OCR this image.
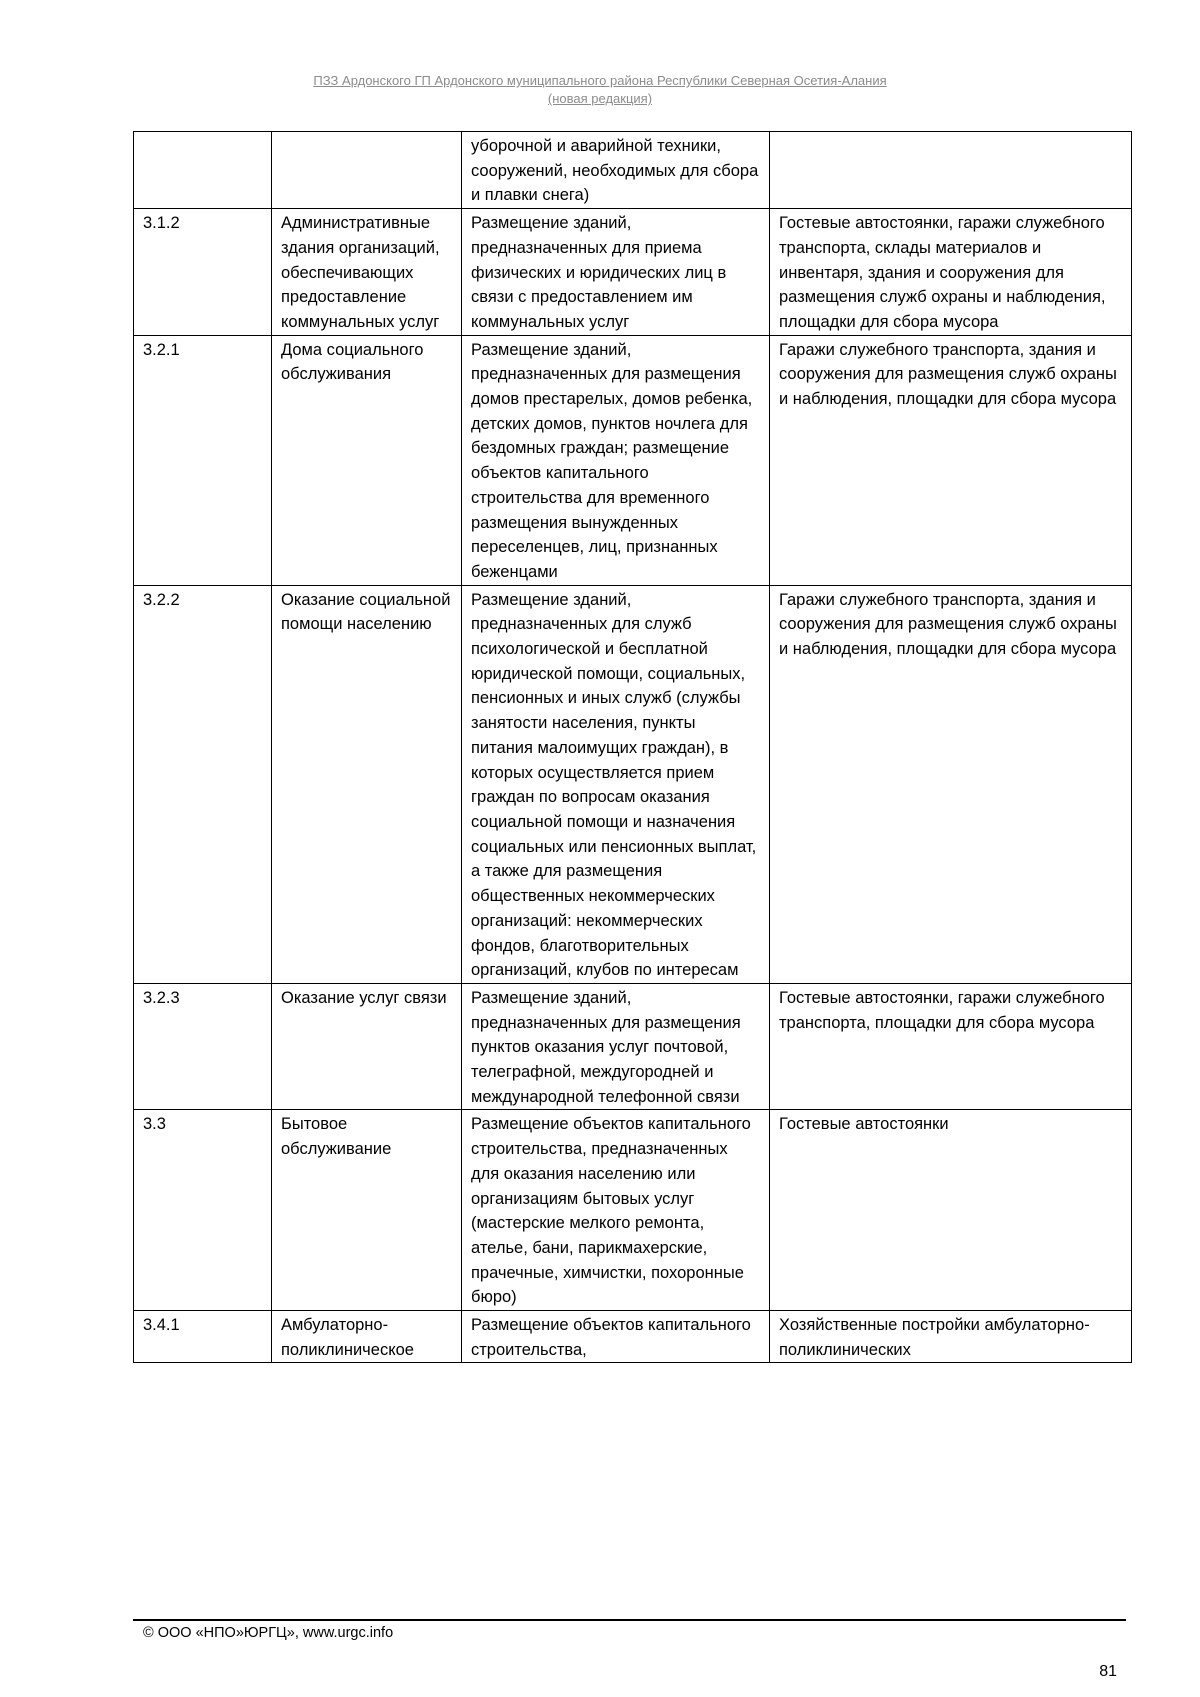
ПЗЗ Ардонского ГП Ардонского муниципального района Республики Северная Осетия-Алания
(новая редакция)
		уборочной и аварийной техники, сооружений, необходимых для сбора и плавки снега)	
3.1.2	Административные здания организаций, обеспечивающих предоставление коммунальных услуг	Размещение зданий, предназначенных для приема физических и юридических лиц в связи с предоставлением им коммунальных услуг	Гостевые автостоянки, гаражи служебного транспорта, склады материалов и инвентаря, здания и сооружения для размещения служб охраны и наблюдения, площадки для сбора мусора
3.2.1	Дома социального обслуживания	Размещение зданий, предназначенных для размещения домов престарелых, домов ребенка, детских домов, пунктов ночлега для бездомных граждан; размещение объектов капитального строительства для временного размещения вынужденных переселенцев, лиц, признанных беженцами	Гаражи служебного транспорта, здания и сооружения для размещения служб охраны и наблюдения, площадки для сбора мусора
3.2.2	Оказание социальной помощи населению	Размещение зданий, предназначенных для служб психологической и бесплатной юридической помощи, социальных, пенсионных и иных служб (службы занятости населения, пункты питания малоимущих граждан), в которых осуществляется прием граждан по вопросам оказания социальной помощи и назначения социальных или пенсионных выплат, а также для размещения общественных некоммерческих организаций: некоммерческих фондов, благотворительных организаций, клубов по интересам	Гаражи служебного транспорта, здания и сооружения для размещения служб охраны и наблюдения, площадки для сбора мусора
3.2.3	Оказание услуг связи	Размещение зданий, предназначенных для размещения пунктов оказания услуг почтовой, телеграфной, междугородней и международной телефонной связи	Гостевые автостоянки, гаражи служебного транспорта, площадки для сбора мусора
3.3	Бытовое обслуживание	Размещение объектов капитального строительства, предназначенных для оказания населению или организациям бытовых услуг (мастерские мелкого ремонта, ателье, бани, парикмахерские, прачечные, химчистки, похоронные бюро)	Гостевые автостоянки
3.4.1	Амбулаторно-поликлиническое	Размещение объектов капитального строительства,	Хозяйственные постройки амбулаторно-поликлинических
© ООО «НПО»ЮРГЦ», www.urgc.info
81
